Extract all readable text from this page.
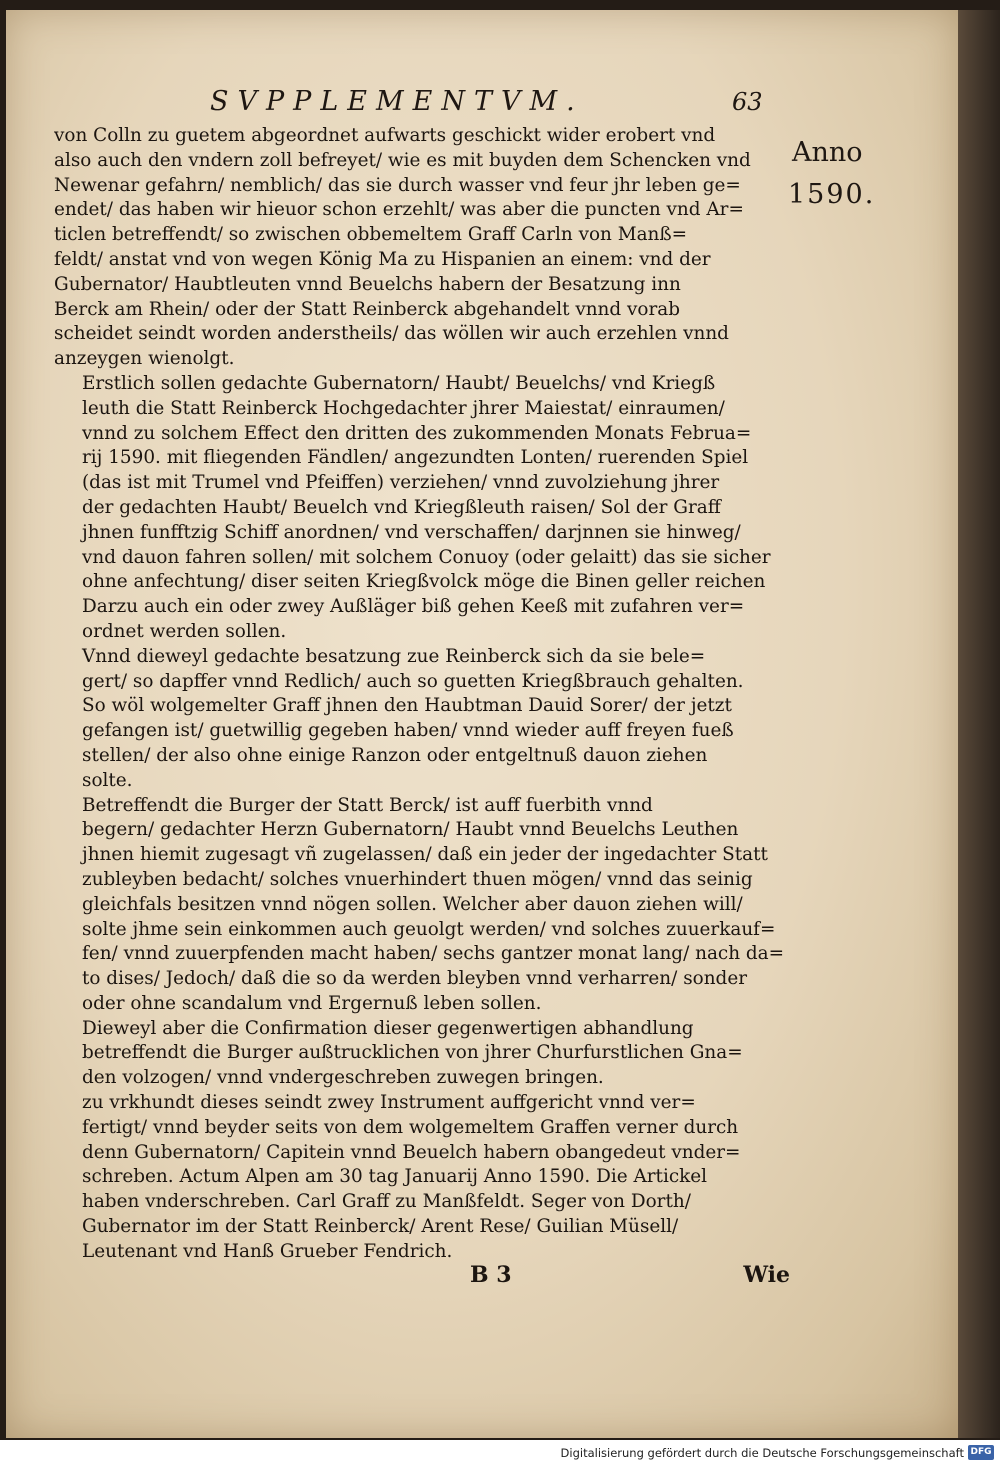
SVPPLEMENTVM.	63
Anno
1590.
von Colln zu guetem abgeordnet aufwarts geschickt wider erobert vnd
also auch den vndern zoll befreyet/ wie es mit buyden dem Schencken vnd
Newenar gefahrn/ nemblich/ das sie durch wasser vnd feur jhr leben ge=
endet/ das haben wir hieuor schon erzehlt/ was aber die puncten vnd Ar=
ticlen betreffendt/ so zwischen obbemeltem Graff Carln von Manß=
feldt/ anstat vnd von wegen König Ma zu Hispanien an einem: vnd der
Gubernator/ Haubtleuten vnnd Beuelchs habern der Besatzung inn
Berck am Rhein/ oder der Statt Reinberck abgehandelt vnnd vorab
scheidet seindt worden anderstheils/ das wöllen wir auch erzehlen vnnd
anzeygen wienolgt.
Erstlich sollen gedachte Gubernatorn/ Haubt/ Beuelchs/ vnd Kriegß
leuth die Statt Reinberck Hochgedachter jhrer Maiestat/ einraumen/
vnnd zu solchem Effect den dritten des zukommenden Monats Februa=
rij 1590. mit fliegenden Fändlen/ angezundten Lonten/ ruerenden Spiel
(das ist mit Trumel vnd Pfeiffen) verziehen/ vnnd zuvolziehung jhrer
der gedachten Haubt/ Beuelch vnd Kriegßleuth raisen/ Sol der Graff
jhnen funfftzig Schiff anordnen/ vnd verschaffen/ darjnnen sie hinweg/
vnd dauon fahren sollen/ mit solchem Conuoy (oder gelaitt) das sie sicher
ohne anfechtung/ diser seiten Kriegßvolck möge die Binen geller reichen
Darzu auch ein oder zwey Außläger biß gehen Keeß mit zufahren ver=
ordnet werden sollen.
Vnnd dieweyl gedachte besatzung zue Reinberck sich da sie bele=
gert/ so dapffer vnnd Redlich/ auch so guetten Kriegßbrauch gehalten.
So wöl wolgemelter Graff jhnen den Haubtman Dauid Sorer/ der jetzt
gefangen ist/ guetwillig gegeben haben/ vnnd wieder auff freyen fueß
stellen/ der also ohne einige Ranzon oder entgeltnuß dauon ziehen
solte.
Betreffendt die Burger der Statt Berck/ ist auff fuerbith vnnd
begern/ gedachter Herzn Gubernatorn/ Haubt vnnd Beuelchs Leuthen
jhnen hiemit zugesagt vñ zugelassen/ daß ein jeder der ingedachter Statt
zubleyben bedacht/ solches vnuerhindert thuen mögen/ vnnd das seinig
gleichfals besitzen vnnd nögen sollen. Welcher aber dauon ziehen will/
solte jhme sein einkommen auch geuolgt werden/ vnd solches zuuerkauf=
fen/ vnnd zuuerpfenden macht haben/ sechs gantzer monat lang/ nach da=
to dises/ Jedoch/ daß die so da werden bleyben vnnd verharren/ sonder
oder ohne scandalum vnd Ergernuß leben sollen.
Dieweyl aber die Confirmation dieser gegenwertigen abhandlung
betreffendt die Burger außtrucklichen von jhrer Churfurstlichen Gna=
den volzogen/ vnnd vndergeschreben zuwegen bringen.
zu vrkhundt dieses seindt zwey Instrument auffgericht vnnd ver=
fertigt/ vnnd beyder seits von dem wolgemeltem Graffen verner durch
denn Gubernatorn/ Capitein vnnd Beuelch habern obangedeut vnder=
schreben. Actum Alpen am 30 tag Januarij Anno 1590. Die Artickel
haben vnderschreben. Carl Graff zu Manßfeldt. Seger von Dorth/
Gubernator im der Statt Reinberck/ Arent Rese/ Guilian Müsell/
Leutenant vnd Hanß Grueber Fendrich.
B 3	Wie
Digitalisierung gefördert durch die Deutsche Forschungsgemeinschaft DFG
